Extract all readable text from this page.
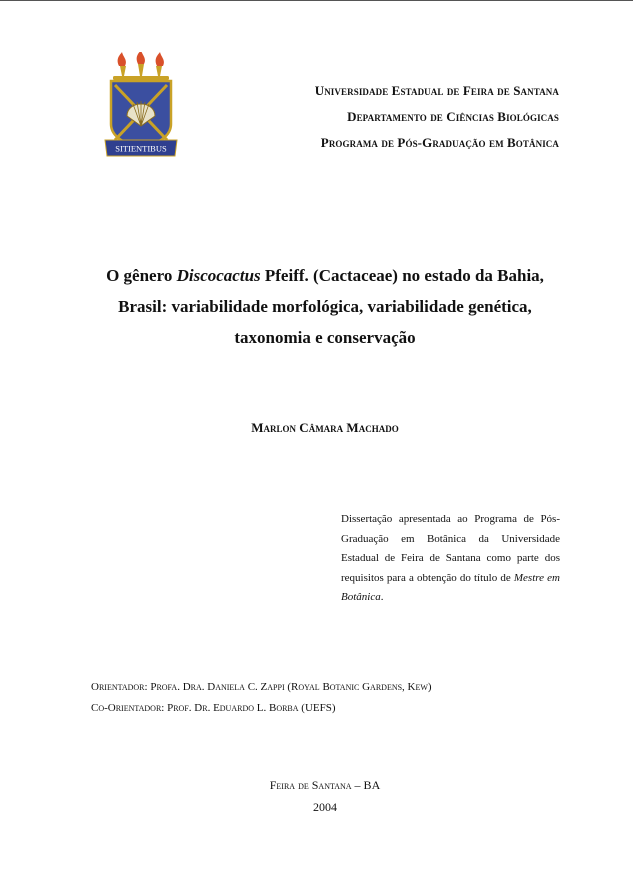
SITIENTIBUS
Universidade Estadual de Feira de Santana
Departamento de Ciências Biológicas
Programa de Pós-Graduação em Botânica
O gênero Discocactus Pfeiff. (Cactaceae) no estado da Bahia,
Brasil: variabilidade morfológica, variabilidade genética,
taxonomia e conservação
Marlon Câmara Machado
Dissertação apresentada ao Programa de Pós-Graduação em Botânica da Universidade Estadual de Feira de Santana como parte dos requisitos para a obtenção do título de Mestre em Botânica.
Orientador: Profa. Dra. Daniela C. Zappi (Royal Botanic Gardens, Kew)
Co-Orientador: Prof. Dr. Eduardo L. Borba (UEFS)
Feira de Santana – BA
2004
